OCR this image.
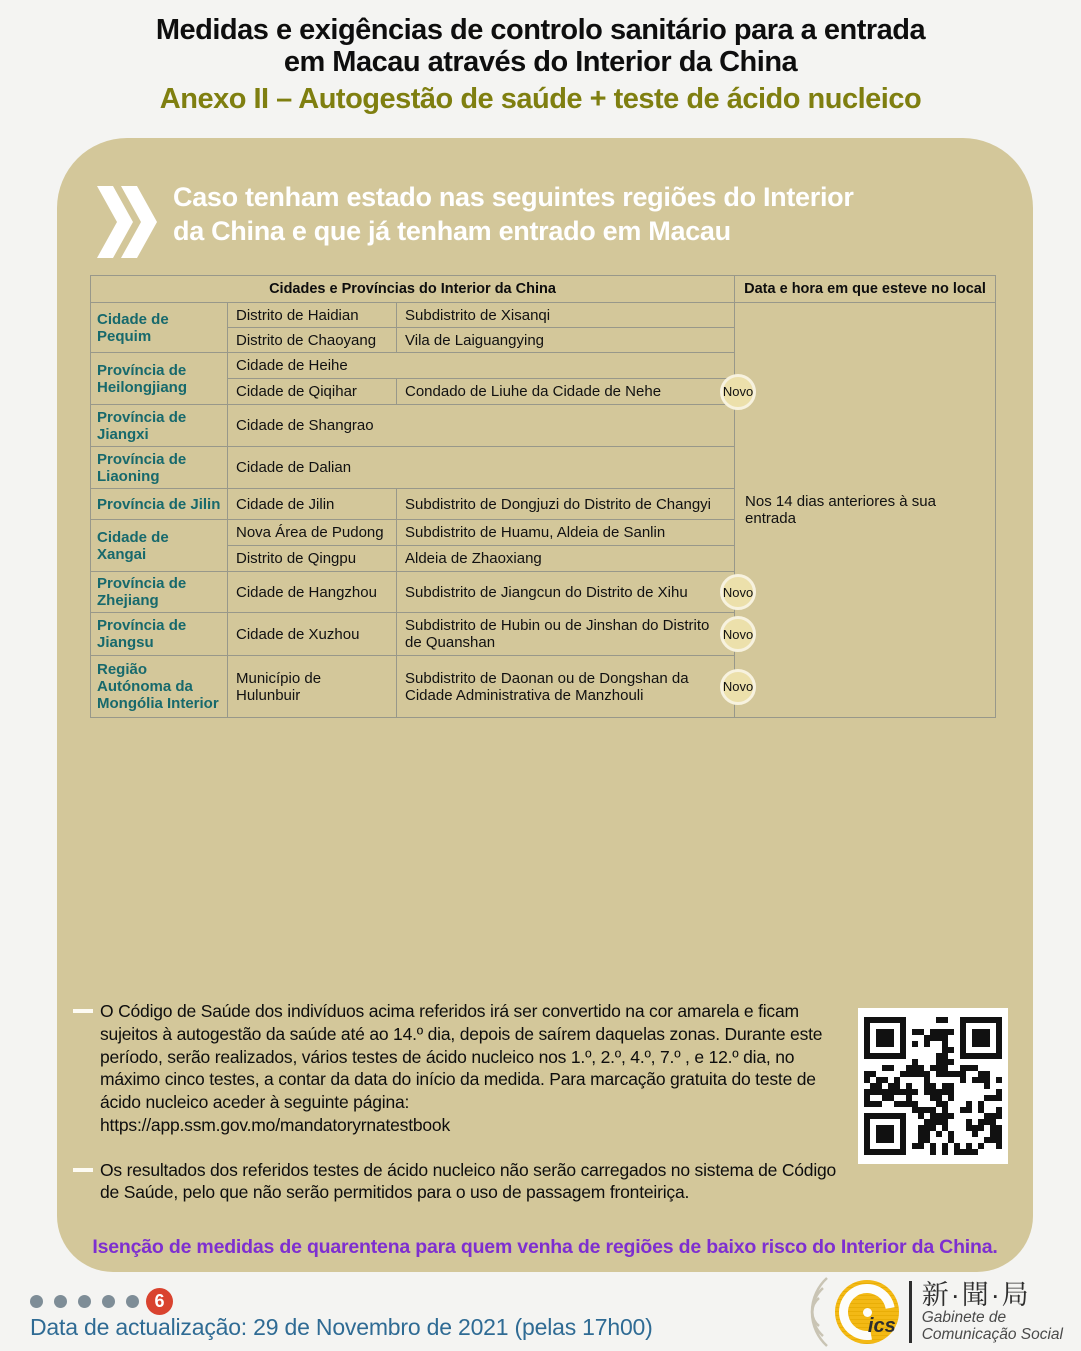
Medidas e exigências de controlo sanitário para a entrada
em Macau através do Interior da China
Anexo II – Autogestão de saúde + teste de ácido nucleico
Caso tenham estado nas seguintes regiões do Interior
da China e que já tenham entrado em Macau
Cidades e Províncias do Interior da China			Data e hora em que esteve no local
Cidade de Pequim	Distrito de Haidian	Subdistrito de Xisanqi	Nos 14 dias anteriores à sua entrada
	Distrito de Chaoyang	Vila de Laiguangying	
Província de Heilongjiang	Cidade de Heihe		
	Cidade de Qiqihar	Condado de Liuhe da Cidade de Nehe Novo	

Província de Jiangxi	Cidade de Shangrao		
Província de Liaoning	Cidade de Dalian		
Província de Jilin	Cidade de Jilin	Subdistrito de Dongjuzi do Distrito de Changyi	
Cidade de Xangai	Nova Área de Pudong	Subdistrito de Huamu, Aldeia de Sanlin	
	Distrito de Qingpu	Aldeia de Zhaoxiang	
Província de Zhejiang	Cidade de Hangzhou	Subdistrito de Jiangcun do Distrito de Xihu Novo	

Província de Jiangsu	Cidade de Xuzhou	Subdistrito de Hubin ou de Jinshan do Distrito de Quanshan Novo	

Região Autónoma da Mongólia Interior	Município de Hulunbuir	Subdistrito de Daonan ou de Dongshan da Cidade Administrativa de Manzhouli Novo	
O Código de Saúde dos indivíduos acima referidos irá ser convertido na cor amarela e ficam sujeitos à autogestão da saúde até ao 14.º dia, depois de saírem daquelas zonas. Durante este período, serão realizados, vários testes de ácido nucleico nos 1.º, 2.º, 4.º, 7.º , e 12.º dia, no máximo cinco testes, a contar da data do início da medida. Para marcação gratuita do teste de ácido nucleico aceder à seguinte página:
https://app.ssm.gov.mo/mandatoryrnatestbook
Os resultados dos referidos testes de ácido nucleico não serão carregados no sistema de Código de Saúde, pelo que não serão permitidos para o uso de passagem fronteiriça.
Isenção de medidas de quarentena para quem venha de regiões de baixo risco do Interior da China.
6
Data de actualização: 29 de Novembro de 2021 (pelas 17h00)	ics
新·聞·局
Gabinete de
Comunicação Social
